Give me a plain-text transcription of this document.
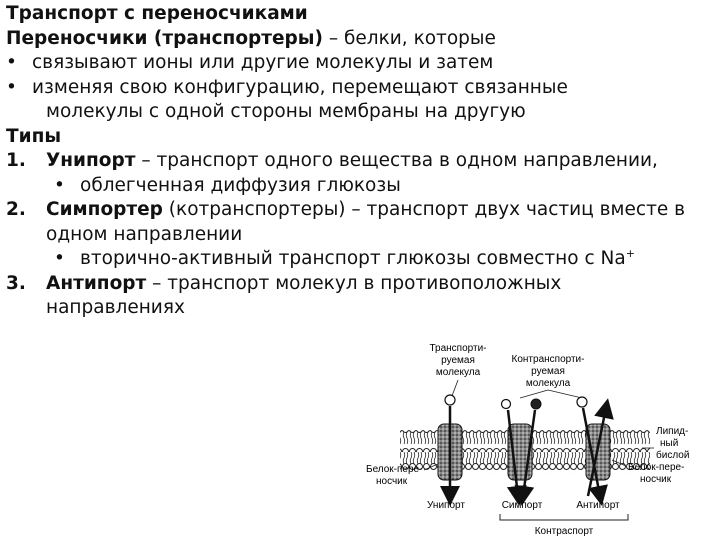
Транспорт с переносчиками
Переносчики (транспортеры) – белки, которые
• связывают ионы или другие молекулы и затем
• изменяя свою конфигурацию, перемещают связанные
молекулы с одной стороны мембраны на другую
Типы
1. Унипорт – транспорт одного вещества в одном направлении,
• облегченная диффузия глюкозы
2. Симпортер (котранспортеры) – транспорт двух частиц вместе в
одном направлении
• вторично-активный транспорт глюкозы совместно с Na+
3. Антипорт – транспорт молекул в противоположных
направлениях
Транспорти-
руемая
молекула
Контранспорти-
руемая
молекула
Липид-
ный
бислой
Белок-пере-
носчик
Белок-пере-
носчик
Унипорт	Симпорт	Антипорт
Контраспорт
